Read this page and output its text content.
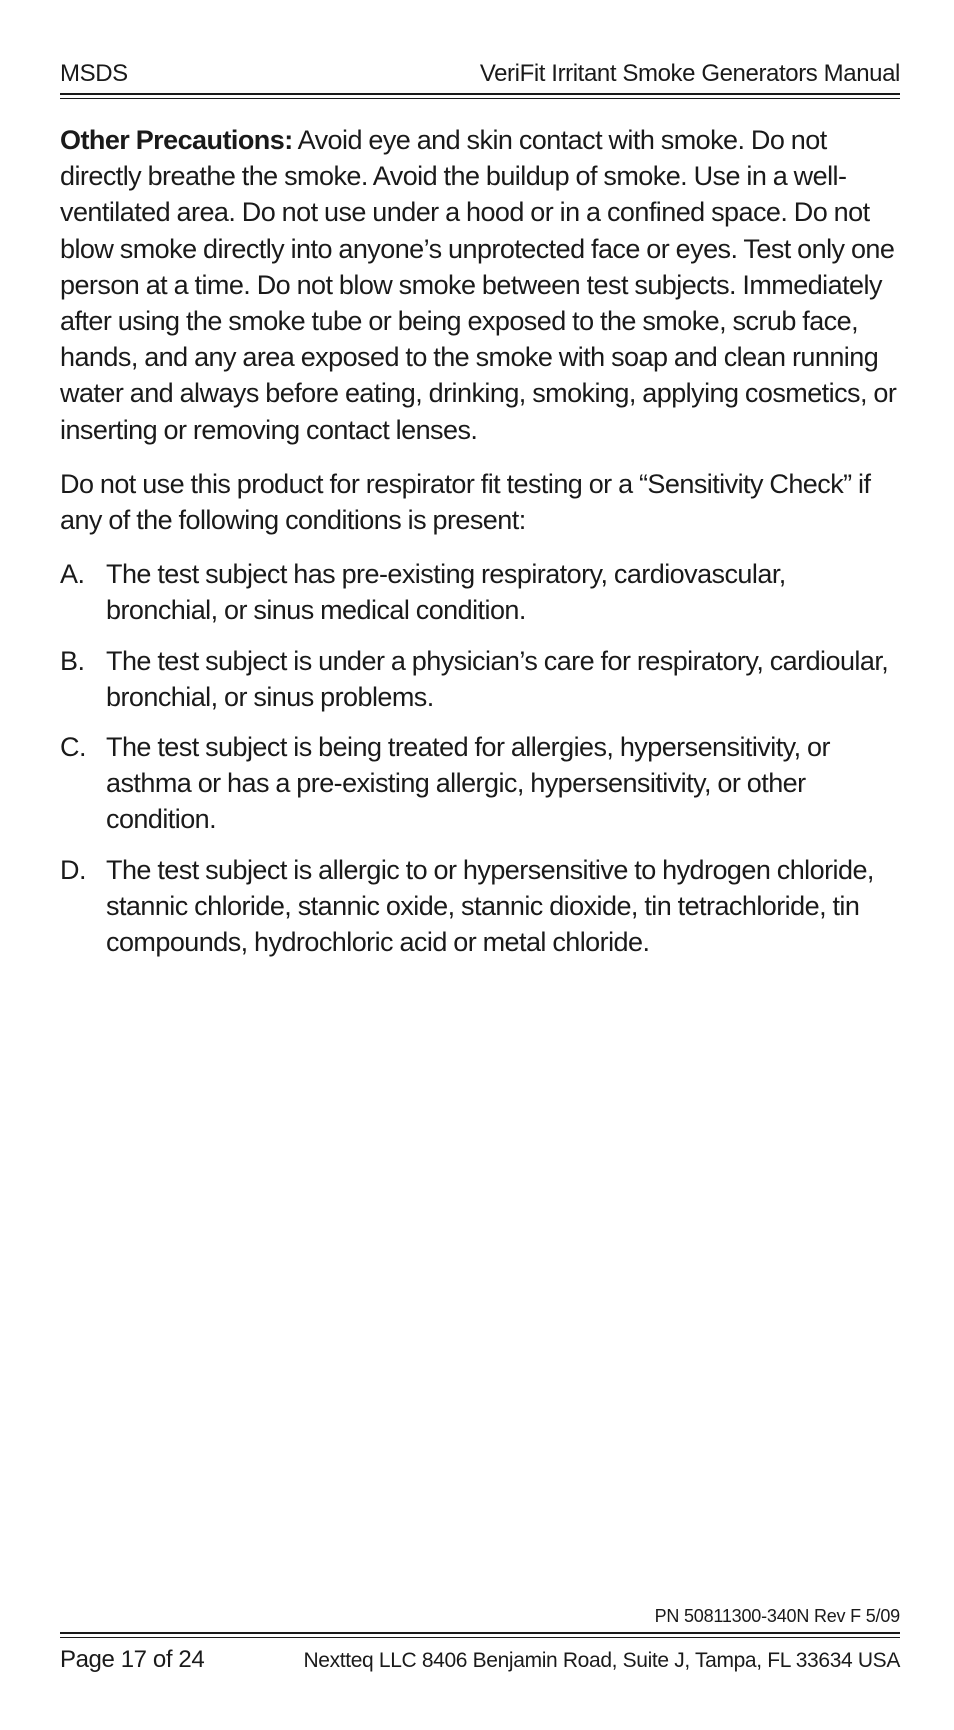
MSDS	VeriFit Irritant Smoke Generators Manual

Other Precautions: Avoid eye and skin contact with smoke. Do not directly breathe the smoke. Avoid the buildup of smoke. Use in a well-ventilated area. Do not use under a hood or in a confined space. Do not blow smoke directly into anyone’s unprotected face or eyes. Test only one person at a time. Do not blow smoke between test subjects. Immediately after using the smoke tube or being exposed to the smoke, scrub face, hands, and any area exposed to the smoke with soap and clean running water and always before eating, drinking, smoking, applying cosmetics, or inserting or removing contact lenses.

Do not use this product for respirator fit testing or a “Sensitivity Check” if any of the following conditions is present:

A. The test subject has pre-existing respiratory, cardiovascular, bronchial, or sinus medical condition.
B. The test subject is under a physician’s care for respiratory, cardioular, bronchial, or sinus problems.
C. The test subject is being treated for allergies, hypersensitivity, or asthma or has a pre-existing allergic, hypersensitivity, or other condition.
D. The test subject is allergic to or hypersensitive to hydrogen chloride, stannic chloride, stannic oxide, stannic dioxide, tin tetrachloride, tin compounds, hydrochloric acid or metal chloride.
PN 50811300-340N Rev F 5/09
Page 17 of 24	Nextteq LLC 8406 Benjamin Road, Suite J, Tampa, FL 33634 USA
